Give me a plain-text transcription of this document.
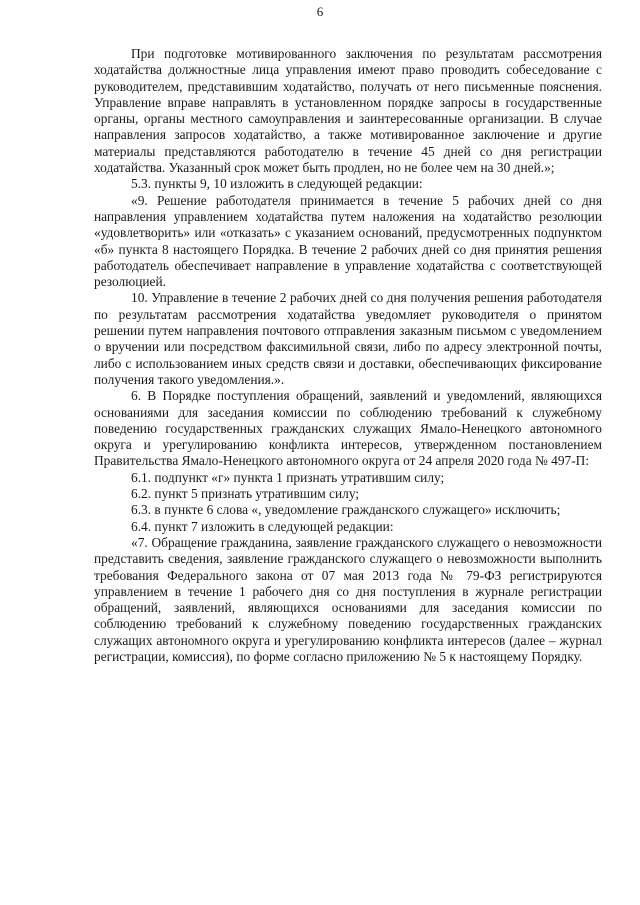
6

При подготовке мотивированного заключения по результатам рассмотрения ходатайства должностные лица управления имеют право проводить собеседование с руководителем, представившим ходатайство, получать от него письменные пояснения. Управление вправе направлять в установленном порядке запросы в государственные органы, органы местного самоуправления и заинтересованные организации. В случае направления запросов ходатайство, а также мотивированное заключение и другие материалы представляются работодателю в течение 45 дней со дня регистрации ходатайства. Указанный срок может быть продлен, но не более чем на 30 дней.»;

5.3. пункты 9, 10 изложить в следующей редакции:

«9. Решение работодателя принимается в течение 5 рабочих дней со дня направления управлением ходатайства путем наложения на ходатайство резолюции «удовлетворить» или «отказать» с указанием оснований, предусмотренных подпунктом «б» пункта 8 настоящего Порядка. В течение 2 рабочих дней со дня принятия решения работодатель обеспечивает направление в управление ходатайства с соответствующей резолюцией.

10. Управление в течение 2 рабочих дней со дня получения решения работодателя по результатам рассмотрения ходатайства уведомляет руководителя о принятом решении путем направления почтового отправления заказным письмом с уведомлением о вручении или посредством факсимильной связи, либо по адресу электронной почты, либо с использованием иных средств связи и доставки, обеспечивающих фиксирование получения такого уведомления.».

6. В Порядке поступления обращений, заявлений и уведомлений, являющихся основаниями для заседания комиссии по соблюдению требований к служебному поведению государственных гражданских служащих Ямало-Ненецкого автономного округа и урегулированию конфликта интересов, утвержденном постановлением Правительства Ямало-Ненецкого автономного округа от 24 апреля 2020 года № 497-П:

6.1. подпункт «г» пункта 1 признать утратившим силу;

6.2. пункт 5 признать утратившим силу;

6.3. в пункте 6 слова «, уведомление гражданского служащего» исключить;

6.4. пункт 7 изложить в следующей редакции:

«7. Обращение гражданина, заявление гражданского служащего о невозможности представить сведения, заявление гражданского служащего о невозможности выполнить требования Федерального закона от 07 мая 2013 года № 79-ФЗ регистрируются управлением в течение 1 рабочего дня со дня поступления в журнале регистрации обращений, заявлений, являющихся основаниями для заседания комиссии по соблюдению требований к служебному поведению государственных гражданских служащих автономного округа и урегулированию конфликта интересов (далее – журнал регистрации, комиссия), по форме согласно приложению № 5 к настоящему Порядку.
